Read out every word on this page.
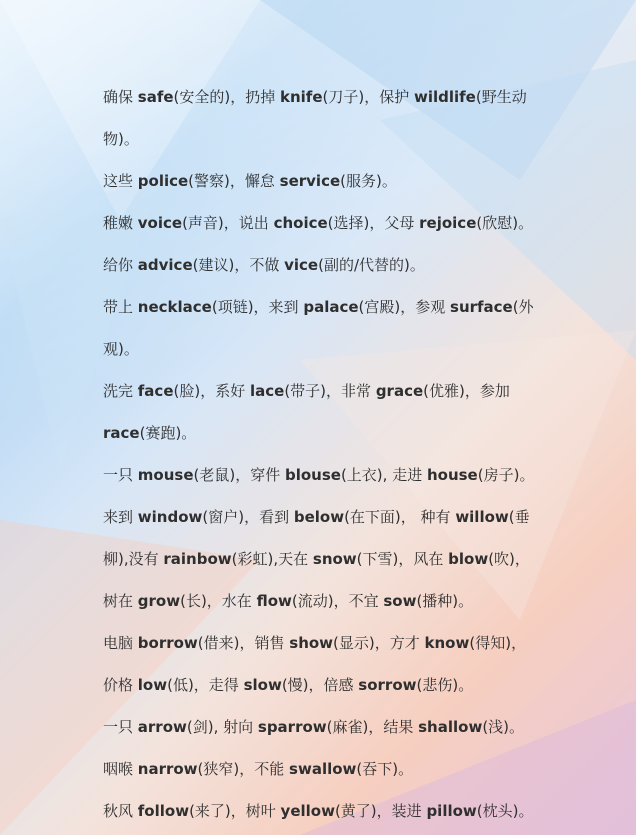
确保 safe(安全的)，扔掉 knife(刀子)，保护 wildlife(野生动
物)。
这些 police(警察)，懈怠 service(服务)。
稚嫩 voice(声音)，说出 choice(选择)，父母 rejoice(欣慰)。
给你 advice(建议)，不做 vice(副的/代替的)。
带上 necklace(项链)，来到 palace(宫殿)，参观 surface(外
观)。
洗完 face(脸)，系好 lace(带子)，非常 grace(优雅)，参加
race(赛跑)。
一只 mouse(老鼠)，穿件 blouse(上衣), 走进 house(房子)。
来到 window(窗户)，看到 below(在下面)， 种有 willow(垂
柳),没有 rainbow(彩虹),天在 snow(下雪)，风在 blow(吹)，
树在 grow(长)，水在 flow(流动)，不宜 sow(播种)。
电脑 borrow(借来)，销售 show(显示)，方才 know(得知)，
价格 low(低)，走得 slow(慢)，倍感 sorrow(悲伤)。
一只 arrow(剑), 射向 sparrow(麻雀)，结果 shallow(浅)。
咽喉 narrow(狭窄)，不能 swallow(吞下)。
秋风 follow(来了)，树叶 yellow(黄了)，装进 pillow(枕头)。
